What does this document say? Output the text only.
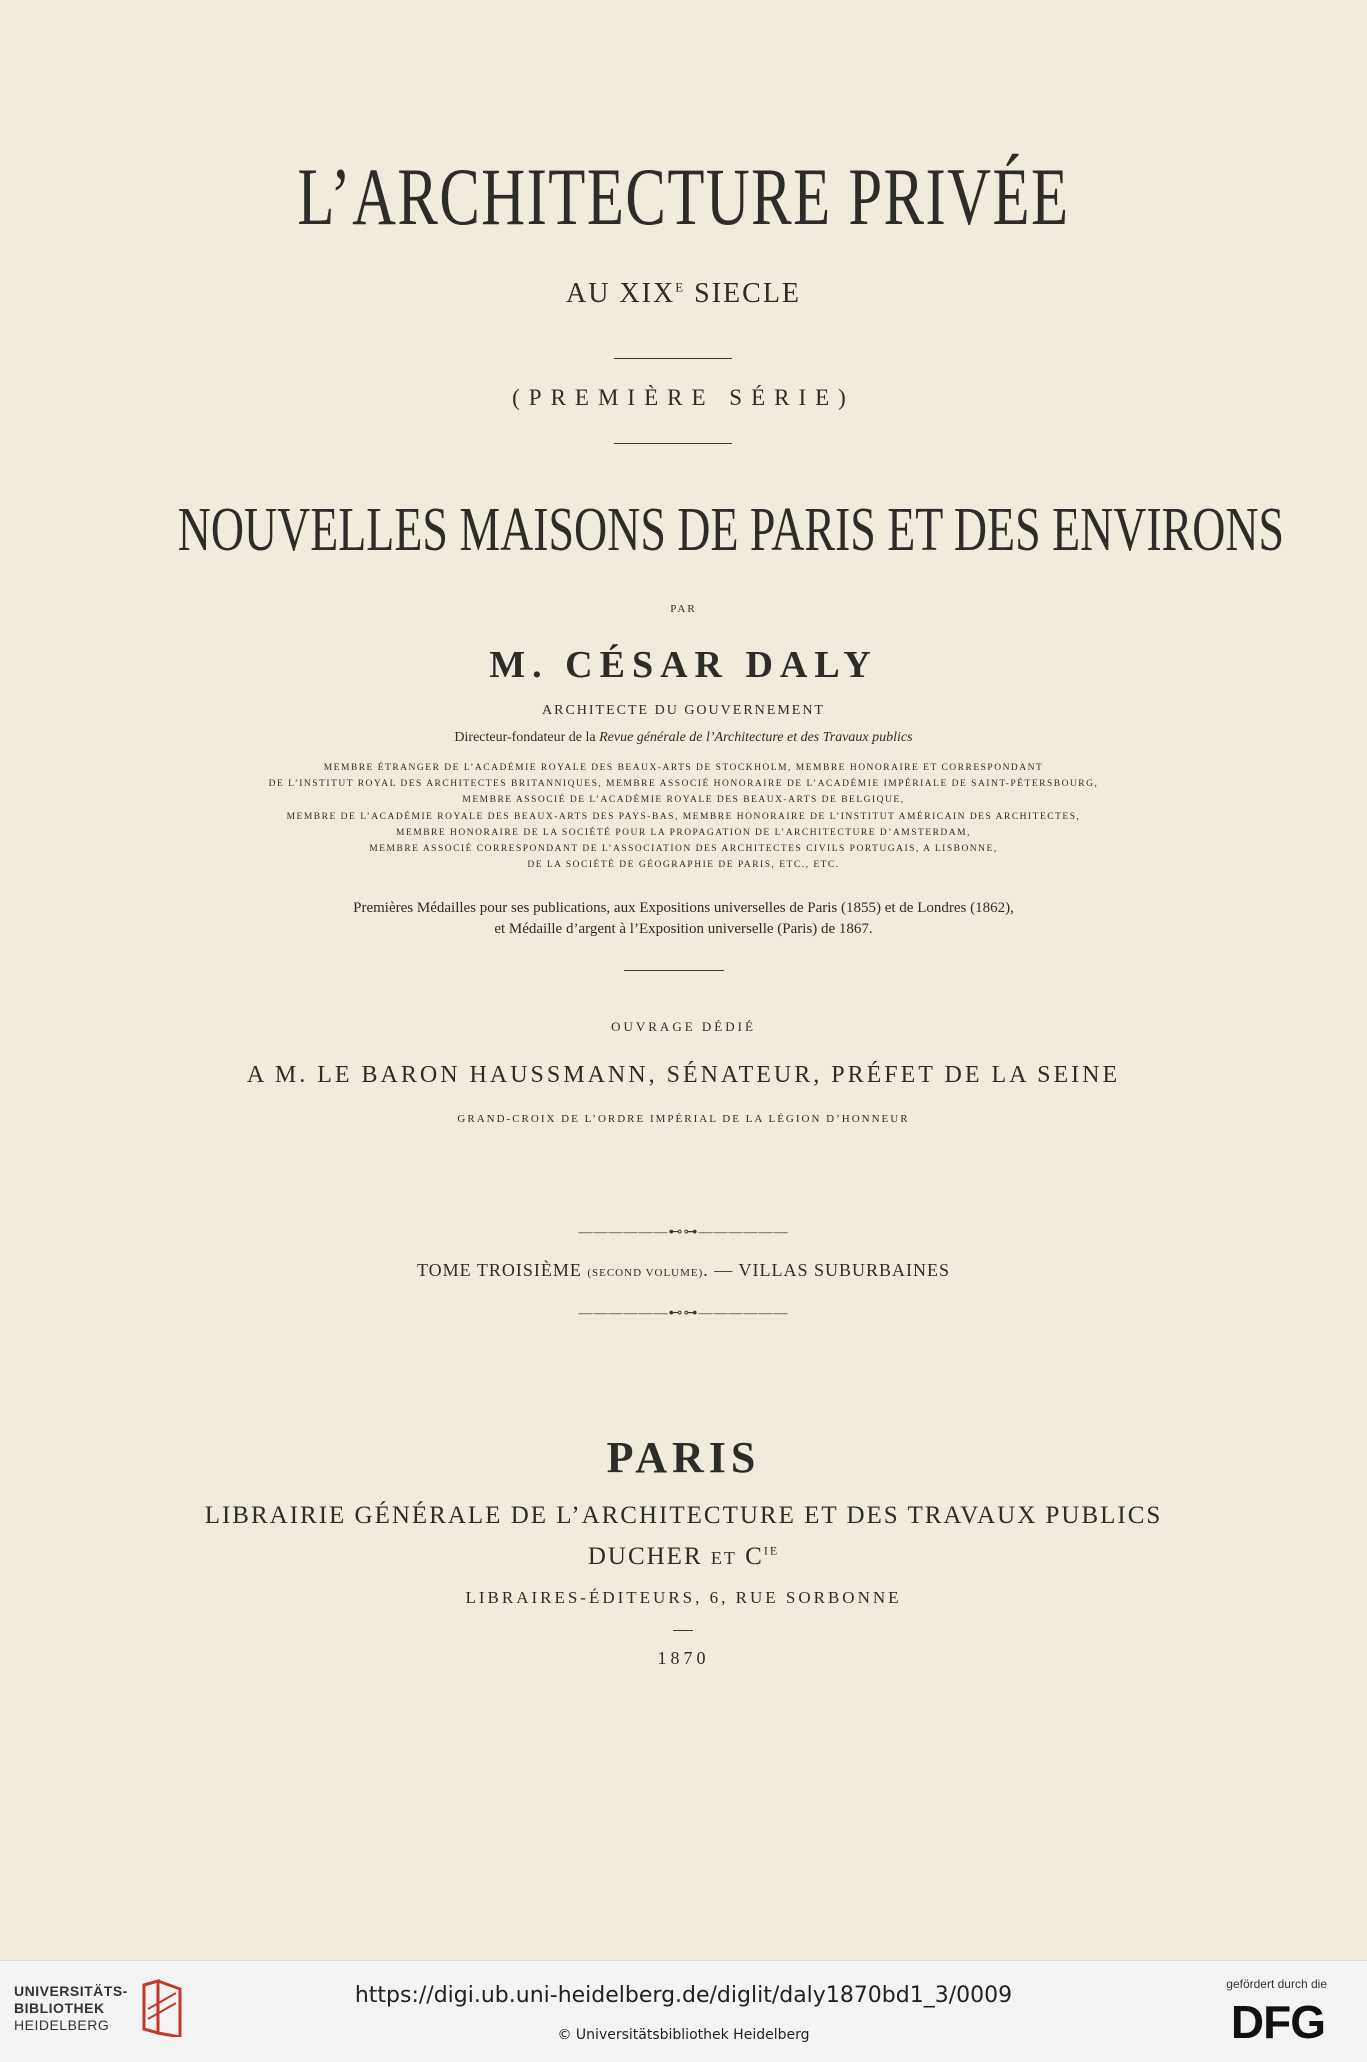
L’ARCHITECTURE PRIVÉE
AU $XIX^E$ SIECLE
(PREMIÈRE SÉRIE)
NOUVELLES MAISONS DE PARIS ET DES ENVIRONS
PAR
M. CÉSAR DALY
ARCHITECTE DU GOUVERNEMENT
Directeur-fondateur de la Revue générale de l’Architecture et des Travaux publics
MEMBRE ÉTRANGER DE L’ACADÉMIE ROYALE DES BEAUX-ARTS DE STOCKHOLM, MEMBRE HONORAIRE ET CORRESPONDANT
DE L’INSTITUT ROYAL DES ARCHITECTES BRITANNIQUES, MEMBRE ASSOCIÉ HONORAIRE DE L’ACADÉMIE IMPÉRIALE DE SAINT-PÉTERSBOURG,
MEMBRE ASSOCIÉ DE L’ACADÉMIE ROYALE DES BEAUX-ARTS DE BELGIQUE,
MEMBRE DE L’ACADÉMIE ROYALE DES BEAUX-ARTS DES PAYS-BAS, MEMBRE HONORAIRE DE L’INSTITUT AMÉRICAIN DES ARCHITECTES,
MEMBRE HONORAIRE DE LA SOCIÉTÉ POUR LA PROPAGATION DE L’ARCHITECTURE D’AMSTERDAM,
MEMBRE ASSOCIÉ CORRESPONDANT DE L’ASSOCIATION DES ARCHITECTES CIVILS PORTUGAIS, A LISBONNE,
DE LA SOCIÉTÉ DE GÉOGRAPHIE DE PARIS, ETC., ETC.
Premières Médailles pour ses publications, aux Expositions universelles de Paris (1855) et de Londres (1862),
et Médaille d’argent à l’Exposition universelle (Paris) de 1867.
OUVRAGE DÉDIÉ
A M. LE BARON HAUSSMANN, SÉNATEUR, PRÉFET DE LA SEINE
GRAND-CROIX DE L’ORDRE IMPÉRIAL DE LA LÉGION D’HONNEUR
——————⊷⊶——————
TOME TROISIÈME (SECOND VOLUME). — VILLAS SUBURBAINES
——————⊷⊶——————
PARIS
LIBRAIRIE GÉNÉRALE DE L’ARCHITECTURE ET DES TRAVAUX PUBLICS
DUCHER ET $C^{IE}$
LIBRAIRES-ÉDITEURS, 6, RUE SORBONNE
1870
UNIVERSITÄTS-
BIBLIOTHEK
HEIDELBERG
https://digi.ub.uni-heidelberg.de/diglit/daly1870bd1_3/0009
© Universitätsbibliothek Heidelberg
gefördert durch die
DFG
